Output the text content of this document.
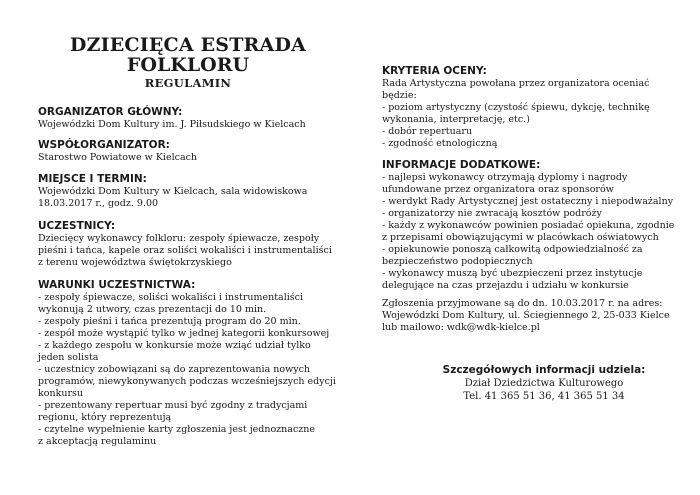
DZIECIĘCA ESTRADA
FOLKLORU
REGULAMIN
ORGANIZATOR GŁÓWNY:
Wojewódzki Dom Kultury im. J. Piłsudskiego w Kielcach
WSPÓŁORGANIZATOR:
Starostwo Powiatowe w Kielcach
MIEJSCE I TERMIN:
Wojewódzki Dom Kultury w Kielcach, sala widowiskowa
18.03.2017 r., godz. 9.00
UCZESTNICY:
Dziecięcy wykonawcy folkloru: zespoły śpiewacze, zespoły
pieśni i tańca, kapele oraz soliści wokaliści i instrumentaliści
z terenu województwa świętokrzyskiego
WARUNKI UCZESTNICTWA:
- zespoły śpiewacze, soliści wokaliści i instrumentaliści
wykonują 2 utwory, czas prezentacji do 10 min.
- zespoły pieśni i tańca prezentują program do 20 min.
- zespół może wystąpić tylko w jednej kategorii konkursowej
- z każdego zespołu w konkursie może wziąć udział tylko
jeden solista
- uczestnicy zobowiązani są do zaprezentowania nowych
programów, niewykonywanych podczas wcześniejszych edycji
konkursu
- prezentowany repertuar musi być zgodny z tradycjami
regionu, który reprezentują
- czytelne wypełnienie karty zgłoszenia jest jednoznaczne
z akceptacją regulaminu
KRYTERIA OCENY:
Rada Artystyczna powołana przez organizatora oceniać
będzie:
- poziom artystyczny (czystość śpiewu, dykcję, technikę
wykonania, interpretację, etc.)
- dobór repertuaru
- zgodność etnologiczną
INFORMACJE DODATKOWE:
- najlepsi wykonawcy otrzymają dyplomy i nagrody
ufundowane przez organizatora oraz sponsorów
- werdykt Rady Artystycznej jest ostateczny i niepodważalny
- organizatorzy nie zwracają kosztów podróży
- każdy z wykonawców powinien posiadać opiekuna, zgodnie
z przepisami obowiązującymi w placówkach oświatowych
- opiekunowie ponoszą całkowitą odpowiedzialność za
bezpieczeństwo podopiecznych
- wykonawcy muszą być ubezpieczeni przez instytucje
delegujące na czas przejazdu i udziału w konkursie
Zgłoszenia przyjmowane są do dn. 10.03.2017 r. na adres:
Wojewódzki Dom Kultury, ul. Ściegiennego 2, 25-033 Kielce
lub mailowo: wdk@wdk-kielce.pl
Szczegółowych informacji udziela:
Dział Dziedzictwa Kulturowego
Tel. 41 365 51 36, 41 365 51 34
